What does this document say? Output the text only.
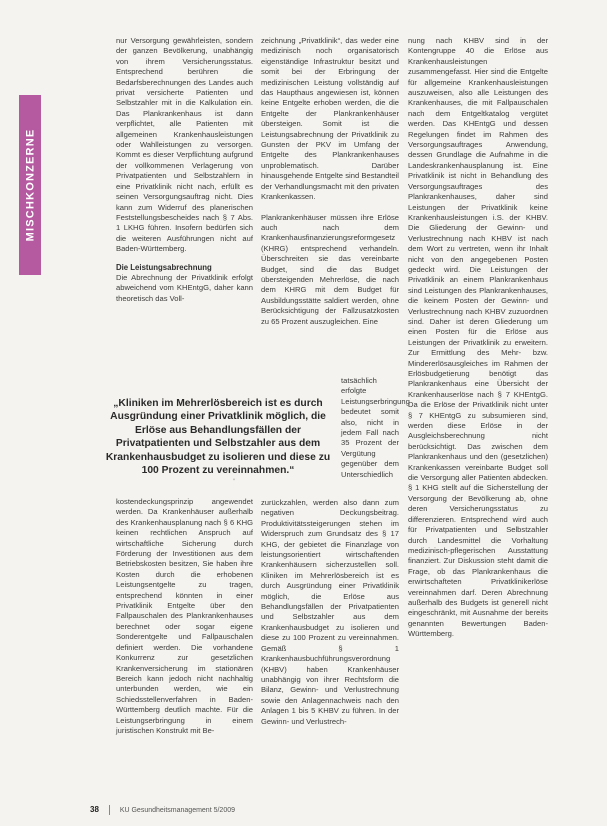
MISCHKONZERNE

nur Versorgung gewährleisten, sondern der ganzen Bevölkerung, unabhängig von ihrem Versicherungsstatus. Entsprechend berühren die Bedarfsberechnungen des Landes auch privat versicherte Patienten und Selbstzahler mit in die Kalkulation ein. Das Plankrankenhaus ist dann verpflichtet, alle Patienten mit allgemeinen Krankenhausleistungen oder Wahlleistungen zu versorgen. Kommt es dieser Verpflichtung aufgrund der vollkommenen Verlagerung von Privatpatienten und Selbstzahlern in eine Privatklinik nicht nach, erfüllt es seinen Versorgungsauftrag nicht. Dies kann zum Widerruf des planerischen Feststellungsbescheides nach § 7 Abs. 1 LKHG führen. Insofern bedürfen sich die weiteren Ausführungen nicht auf Baden-Württemberg.

Die Leistungsabrechnung

Die Abrechnung der Privatklinik erfolgt abweichend vom KHEntgG, daher kann theoretisch das Voll-

kostendeckungsprinzip angewendet werden. Da Krankenhäuser außerhalb des Krankenhausplanung nach § 6 KHG keinen rechtlichen Anspruch auf wirtschaftliche Sicherung durch Förderung der Investitionen aus dem Betriebskosten besitzen, Sie haben ihre Kosten durch die erhobenen Leistungsentgelte zu tragen, entsprechend könnten in einer Privatklinik Entgelte über den Fallpauschalen des Plankrankenhauses berechnet oder sogar eigene Sonderentgelte und Fallpauschalen definiert werden. Die vorhandene Konkurrenz zur gesetzlichen Krankenversicherung im stationären Bereich kann jedoch nicht nachhaltig unterbunden werden, wie ein Schiedsstellenverfahren in Baden-Württemberg deutlich machte. Für die Leistungserbringung in einem juristischen Konstrukt mit Be-

zeichnung „Privatklinik“, das weder eine medizinisch noch organisatorisch eigenständige Infrastruktur besitzt und somit bei der Erbringung der medizinischen Leistung vollständig auf das Haupthaus angewiesen ist, können keine Entgelte erhoben werden, die die Entgelte der Plankrankenhäuser übersteigen. Somit ist die Leistungsabrechnung der Privatklinik zu Gunsten der PKV im Umfang der Entgelte des Plankrankenhauses unproblematisch. Darüber hinausgehende Entgelte sind Bestandteil der Verhandlungsmacht mit den privaten Krankenkassen.

Plankrankenhäuser müssen ihre Erlöse auch nach dem Krankenhausfinanzierungsreformgesetz (KHRG) entsprechend verhandeln. Überschreiten sie das vereinbarte Budget, sind die das Budget übersteigenden Mehrerlöse, die nach dem KHRG mit dem Budget für Ausbildungsstätte saldiert werden, ohne Berücksichtigung der Fallzusatzkosten zu 65 Prozent auszugleichen. Eine

tatsächlich erfolgte Leistungserbringung bedeutet somit also, nicht in jedem Fall nach 35 Prozent der Vergütung gegenüber dem Unterschiedlich

„Kliniken im Mehrerlösbereich ist es durch Ausgründung einer Privatklinik möglich, die Erlöse aus Behandlungsfällen der Privatpatienten und Selbstzahler aus dem Krankenhausbudget zu isolieren und diese zu 100 Prozent zu vereinnahmen.“
“

zurückzahlen, werden also dann zum negativen Deckungsbeitrag. Produktivitätssteigerungen stehen im Widerspruch zum Grundsatz des § 17 KHG, der gebietet die Finanzlage von leistungsorientiert wirtschaftenden Krankenhäusern sicherzustellen soll. Kliniken im Mehrerlösbereich ist es durch Ausgründung einer Privatklinik möglich, die Erlöse aus Behandlungsfällen der Privatpatienten und Selbstzahler aus dem Krankenhausbudget zu isolieren und diese zu 100 Prozent zu vereinnahmen. Gemäß § 1 Krankenhausbuchführungsverordnung (KHBV) haben Krankenhäuser unabhängig von ihrer Rechtsform die Bilanz, Gewinn- und Verlustrechnung sowie den Anlagennachweis nach den Anlagen 1 bis 5 KHBV zu führen. In der Gewinn- und Verlustrech-

nung nach KHBV sind in der Kontengruppe 40 die Erlöse aus Krankenhausleistungen zusammengefasst. Hier sind die Entgelte für allgemeine Krankenhausleistungen auszuweisen, also alle Leistungen des Krankenhauses, die mit Fallpauschalen nach dem Entgeltkatalog vergütet werden. Das KHEntgG und dessen Regelungen findet im Rahmen des Versorgungsauftrages Anwendung, dessen Grundlage die Aufnahme in die Landeskrankenhausplanung ist. Eine Privatklinik ist nicht in Behandlung des Versorgungsauftrages des Plankrankenhauses, daher sind Leistungen der Privatklinik keine Krankenhausleistungen i.S. der KHBV. Die Gliederung der Gewinn- und Verlustrechnung nach KHBV ist nach dem Wort zu vertreten, wenn ihr Inhalt nicht von den angegebenen Posten gedeckt wird. Die Leistungen der Privatklinik an einem Plankrankenhaus sind Leistungen des Plankrankenhauses, die keinem Posten der Gewinn- und Verlustrechnung nach KHBV zuzuordnen sind. Daher ist deren Gliederung um einen Posten für die Erlöse aus Leistungen der Privatklinik zu erweitern. Zur Ermittlung des Mehr- bzw. Mindererlösausgleiches im Rahmen der Erlösbudgetierung benötigt das Plankrankenhaus eine Übersicht der Krankenhauserlöse nach § 7 KHEntgG. Da die Erlöse der Privatklinik nicht unter § 7 KHEntgG zu subsumieren sind, werden diese Erlöse in der Ausgleichsberechnung nicht berücksichtigt. Das zwischen dem Plankrankenhaus und den (gesetzlichen) Krankenkassen vereinbarte Budget soll die Versorgung aller Patienten abdecken. § 1 KHG stellt auf die Sicherstellung der Versorgung der Bevölkerung ab, ohne deren Versicherungsstatus zu differenzieren. Entsprechend wird auch für Privatpatienten und Selbstzahler durch Landesmittel die Vorhaltung medizinisch-pflegerischen Ausstattung finanziert. Zur Diskussion steht damit die Frage, ob das Plankrankenhaus die erwirtschafteten Privatklinikerlöse vereinnahmen darf. Deren Abrechnung außerhalb des Budgets ist generell nicht eingeschränkt, mit Ausnahme der bereits genannten Bewertungen Baden-Württemberg.

38	KU Gesundheitsmanagement 5/2009
